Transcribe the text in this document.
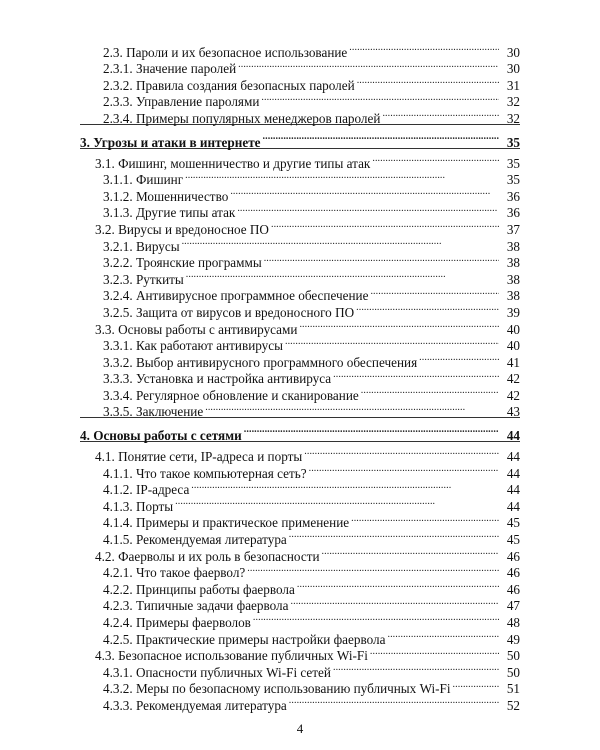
2.3. Пароли и их безопасное использование . . .	30
2.3.1. Значение паролей . . .	30
2.3.2. Правила создания безопасных паролей . . .	31
2.3.3. Управление паролями . . .	32
2.3.4. Примеры популярных менеджеров паролей . . .	32
3. Угрозы и атаки в интернете . . .	35
3.1. Фишинг, мошенничество и другие типы атак . . .	35
3.1.1. Фишинг . . .	35
3.1.2. Мошенничество . . .	36
3.1.3. Другие типы атак . . .	36
3.2. Вирусы и вредоносное ПО . . .	37
3.2.1. Вирусы . . .	38
3.2.2. Троянские программы . . .	38
3.2.3. Руткиты . . .	38
3.2.4. Антивирусное программное обеспечение . . .	38
3.2.5. Защита от вирусов и вредоносного ПО . . .	39
3.3. Основы работы с антивирусами . . .	40
3.3.1. Как работают антивирусы . . .	40
3.3.2. Выбор антивирусного программного обеспечения . . .	41
3.3.3. Установка и настройка антивируса . . .	42
3.3.4. Регулярное обновление и сканирование . . .	42
3.3.5. Заключение . . .	43
4. Основы работы с сетями . . .	44
4.1. Понятие сети, IP-адреса и порты . . .	44
4.1.1. Что такое компьютерная сеть? . . .	44
4.1.2. IP-адреса . . .	44
4.1.3. Порты . . .	44
4.1.4. Примеры и практическое применение . . .	45
4.1.5. Рекомендуемая литература . . .	45
4.2. Фаерволы и их роль в безопасности . . .	46
4.2.1. Что такое фаервол? . . .	46
4.2.2. Принципы работы фаервола . . .	46
4.2.3. Типичные задачи фаервола . . .	47
4.2.4. Примеры фаерволов . . .	48
4.2.5. Практические примеры настройки фаервола . . .	49
4.3. Безопасное использование публичных Wi-Fi . . .	50
4.3.1. Опасности публичных Wi-Fi сетей . . .	50
4.3.2. Меры по безопасному использованию публичных Wi-Fi . . .	51
4.3.3. Рекомендуемая литература . . .	52
4
